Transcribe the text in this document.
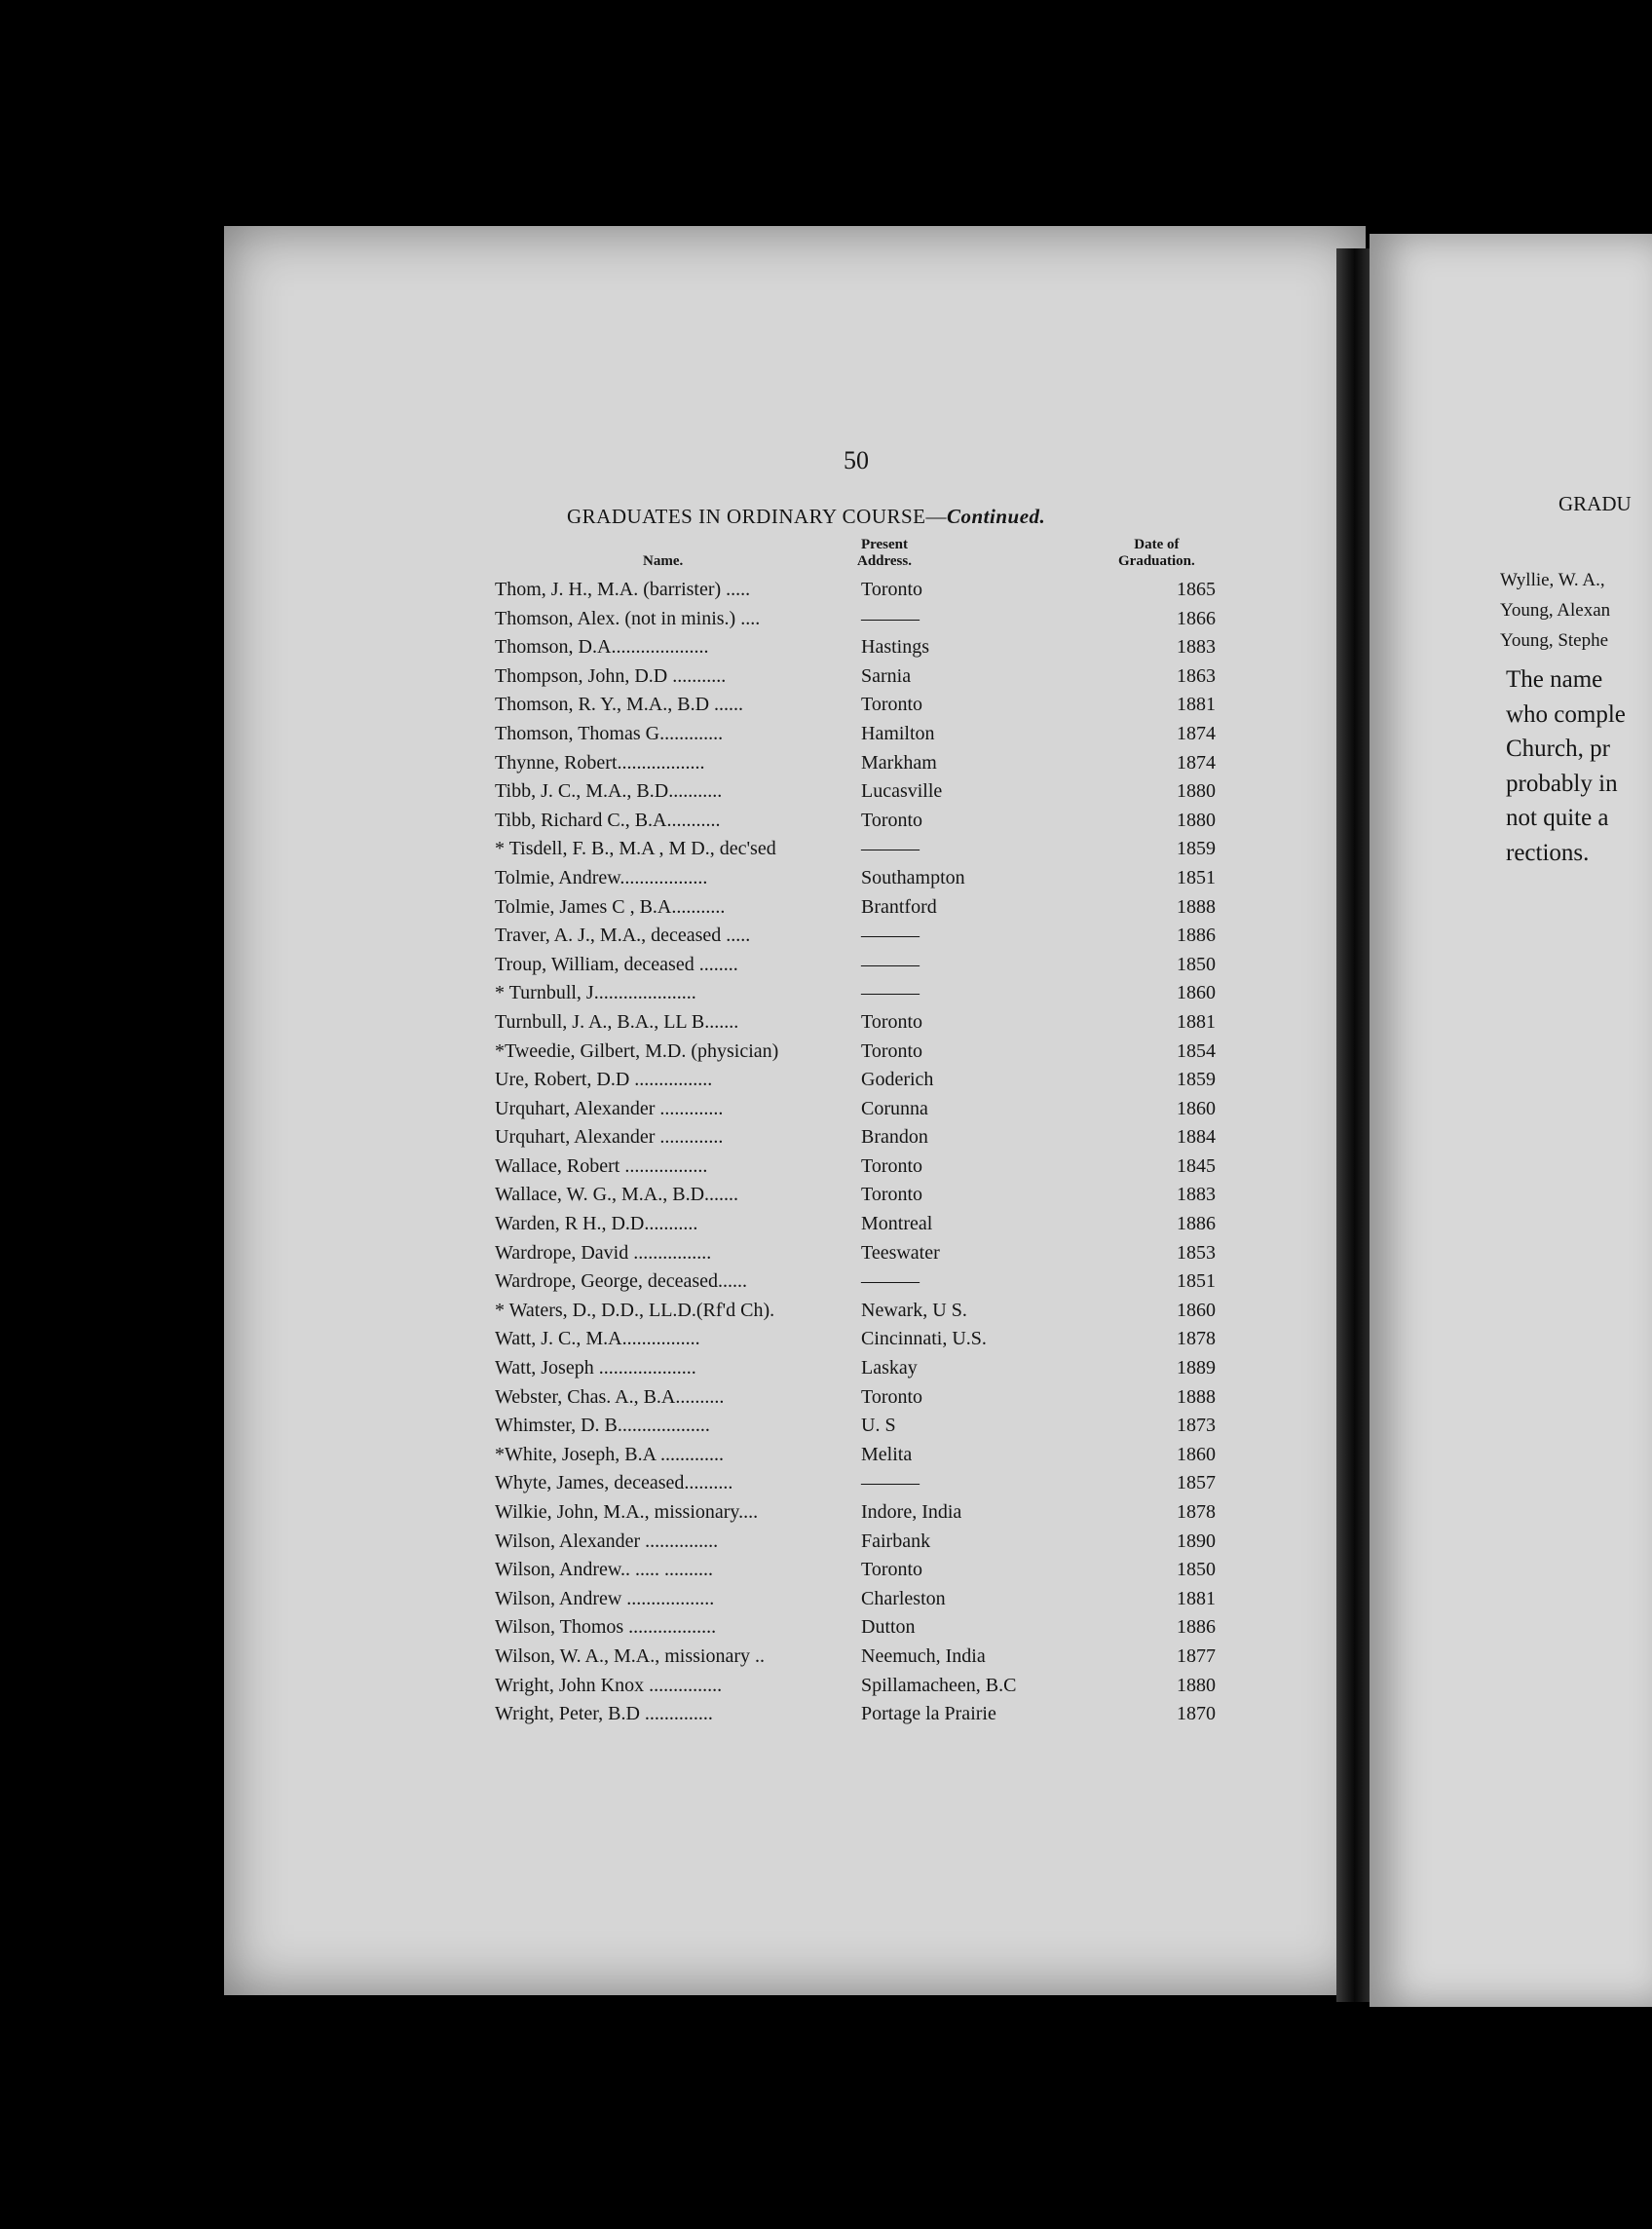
50
GRADUATES IN ORDINARY COURSE—Continued.
Name.
Present
Address.
Date of
Graduation.
Thom, J. H., M.A. (barrister) .....	Toronto	1865
Thomson, Alex. (not in minis.) ....	———	1866
Thomson, D.A....................	Hastings	1883
Thompson, John, D.D ...........	Sarnia	1863
Thomson, R. Y., M.A., B.D ......	Toronto	1881
Thomson, Thomas G.............	Hamilton	1874
Thynne, Robert..................	Markham	1874
Tibb, J. C., M.A., B.D...........	Lucasville	1880
Tibb, Richard C., B.A...........	Toronto	1880
* Tisdell, F. B., M.A , M D., dec'sed	———	1859
Tolmie, Andrew..................	Southampton	1851
Tolmie, James C , B.A...........	Brantford	1888
Traver, A. J., M.A., deceased .....	———	1886
Troup, William, deceased ........	———	1850
* Turnbull, J.....................	———	1860
Turnbull, J. A., B.A., LL B.......	Toronto	1881
*Tweedie, Gilbert, M.D. (physician)	Toronto	1854
Ure, Robert, D.D ................	Goderich	1859
Urquhart, Alexander .............	Corunna	1860
Urquhart, Alexander .............	Brandon	1884
Wallace, Robert .................	Toronto	1845
Wallace, W. G., M.A., B.D.......	Toronto	1883
Warden, R H., D.D...........	Montreal	1886
Wardrope, David ................	Teeswater	1853
Wardrope, George, deceased......	———	1851
* Waters, D., D.D., LL.D.(Rf'd Ch).	Newark, U S.	1860
Watt, J. C., M.A................	Cincinnati, U.S.	1878
Watt, Joseph ....................	Laskay	1889
Webster, Chas. A., B.A..........	Toronto	1888
Whimster, D. B...................	U. S	1873
*White, Joseph, B.A .............	Melita	1860
Whyte, James, deceased..........	———	1857
Wilkie, John, M.A., missionary....	Indore, India	1878
Wilson, Alexander ...............	Fairbank	1890
Wilson, Andrew.. ..... ..........	Toronto	1850
Wilson, Andrew ..................	Charleston	1881
Wilson, Thomos ..................	Dutton	1886
Wilson, W. A., M.A., missionary ..	Neemuch, India	1877
Wright, John Knox ...............	Spillamacheen, B.C	1880
Wright, Peter, B.D ..............	Portage la Prairie	1870
GRADU
Wyllie, W. A.,
Young, Alexan
Young, Stephe
The name
who comple
Church, pr
probably in
not quite a
rections.
